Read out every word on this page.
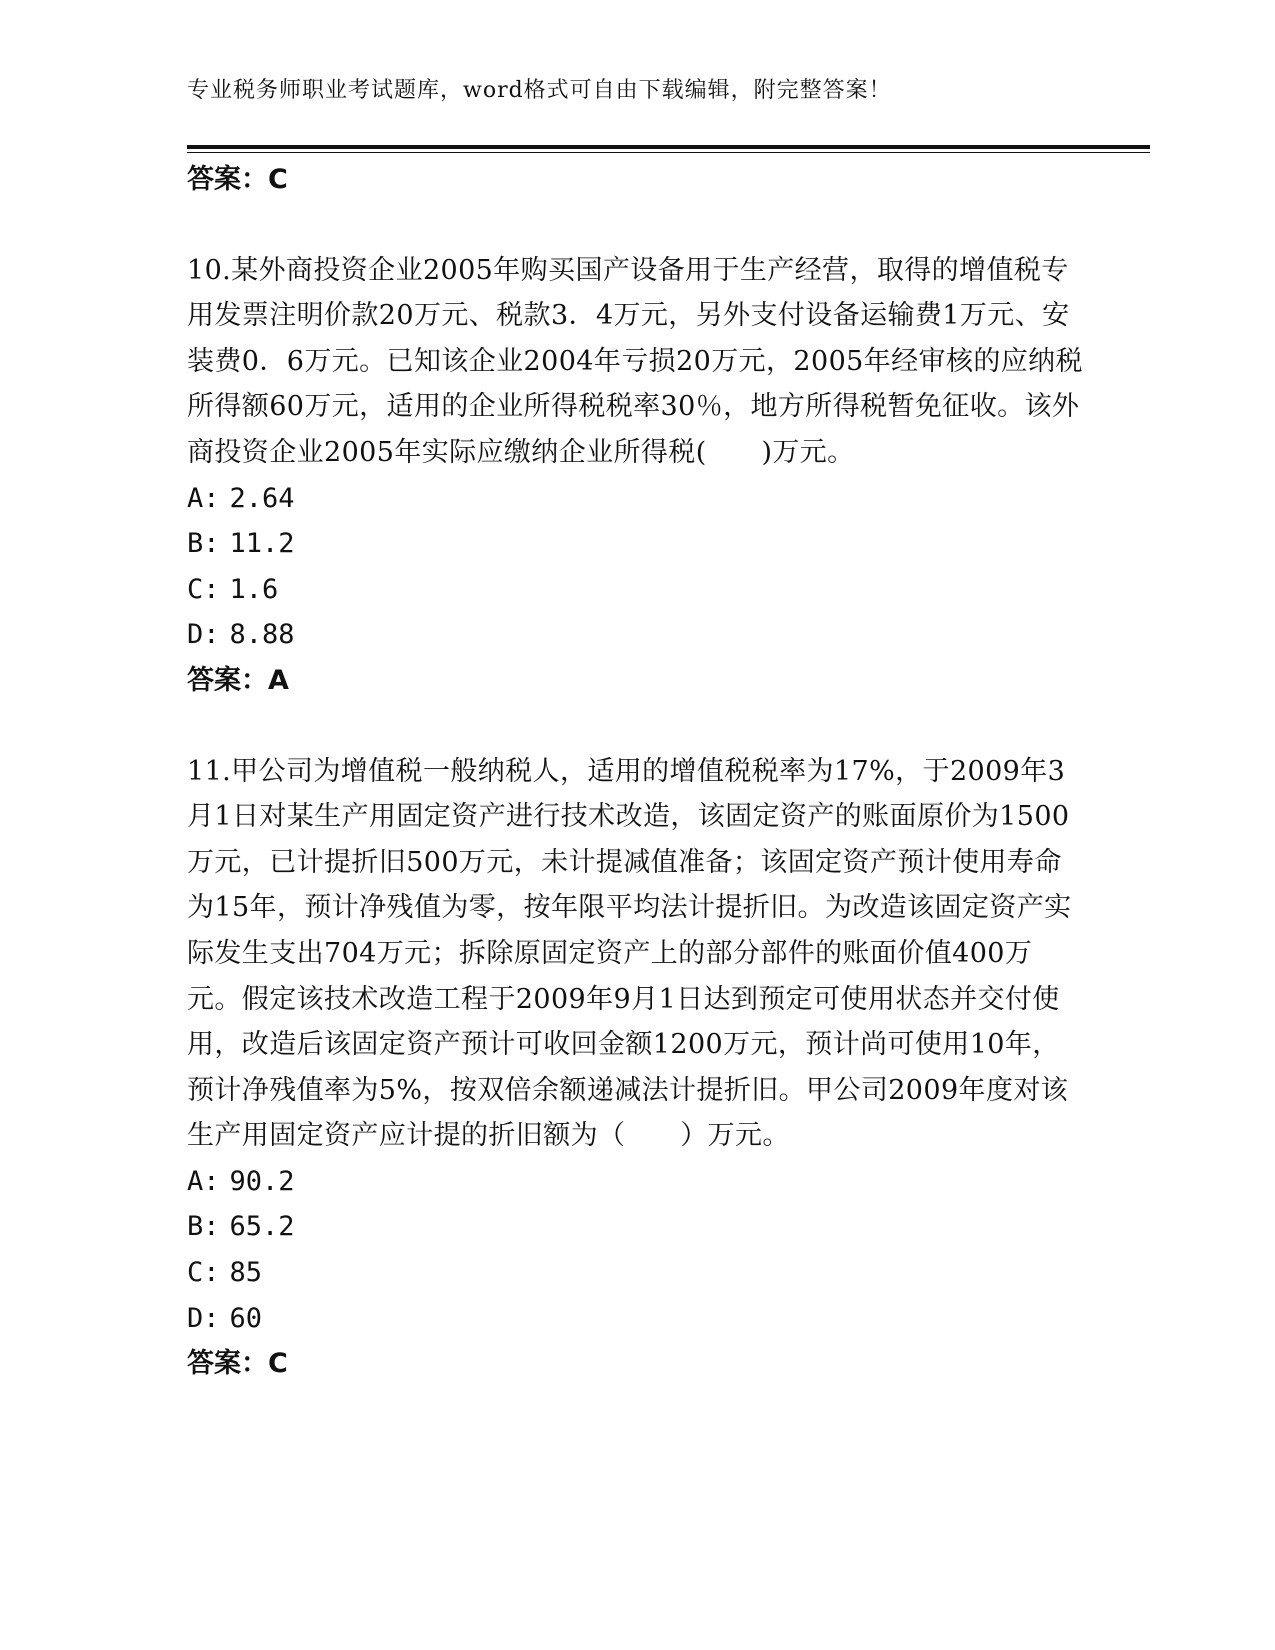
专业税务师职业考试题库，word格式可自由下载编辑，附完整答案！

答案：C

10.某外商投资企业2005年购买国产设备用于生产经营，取得的增值税专用发票注明价款20万元、税款3．4万元，另外支付设备运输费1万元、安装费0．6万元。已知该企业2004年亏损20万元，2005年经审核的应纳税所得额60万元，适用的企业所得税税率30％，地方所得税暂免征收。该外商投资企业2005年实际应缴纳企业所得税(　　)万元。

A: 2.64
B: 11.2
C: 1.6
D: 8.88

答案：A

11.甲公司为增值税一般纳税人，适用的增值税税率为17%，于2009年3月1日对某生产用固定资产进行技术改造，该固定资产的账面原价为1500万元，已计提折旧500万元，未计提减值准备；该固定资产预计使用寿命为15年，预计净残值为零，按年限平均法计提折旧。为改造该固定资产实际发生支出704万元；拆除原固定资产上的部分部件的账面价值400万元。假定该技术改造工程于2009年9月1日达到预定可使用状态并交付使用，改造后该固定资产预计可收回金额1200万元，预计尚可使用10年，预计净残值率为5%，按双倍余额递减法计提折旧。甲公司2009年度对该生产用固定资产应计提的折旧额为（　　）万元。

A: 90.2
B: 65.2
C: 85
D: 60

答案：C
